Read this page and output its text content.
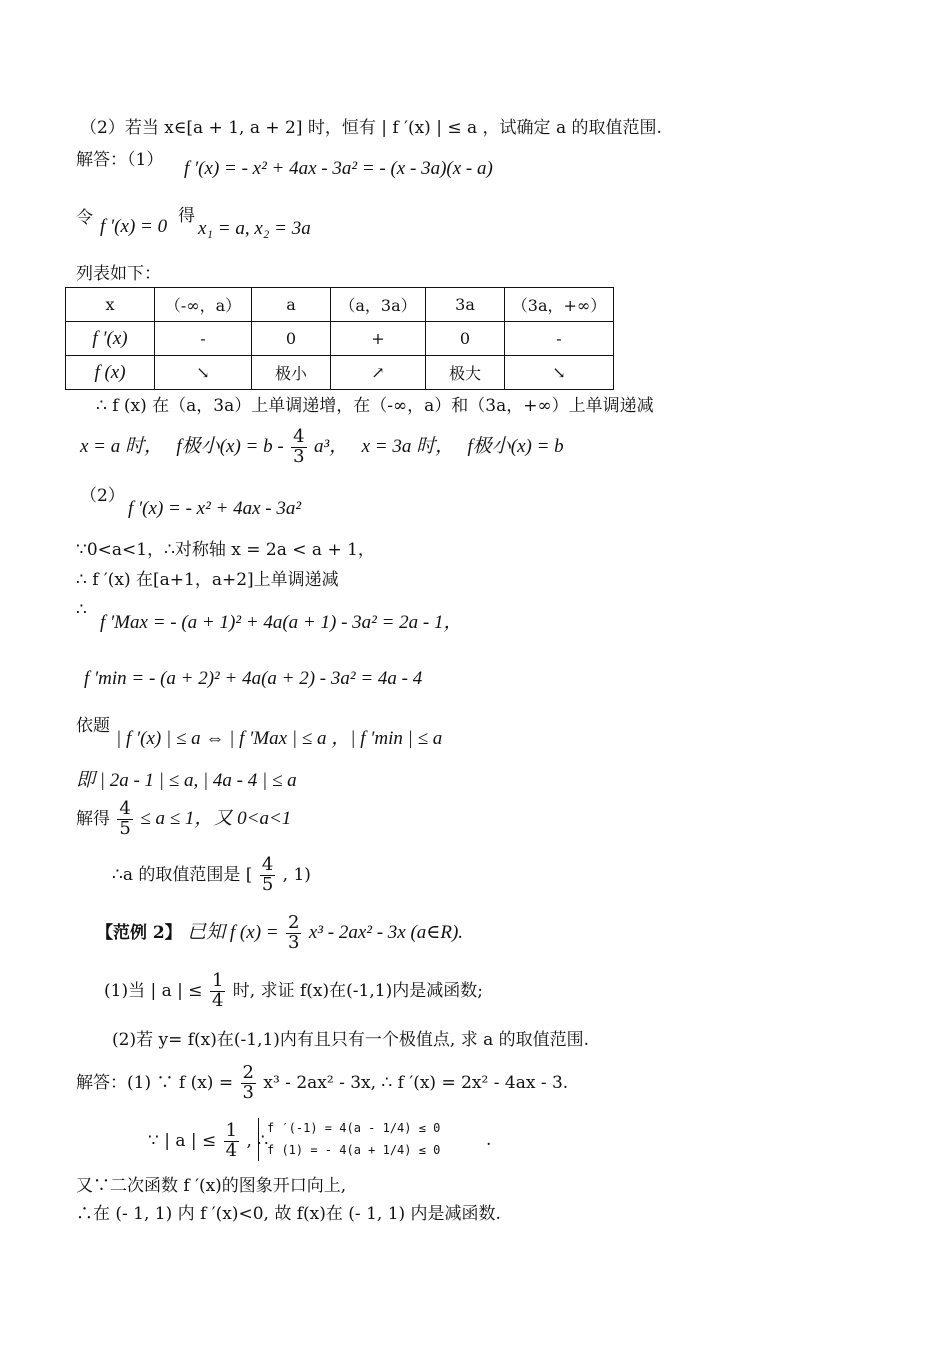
（2）若当 x∈[a + 1, a + 2] 时，恒有 | f ′(x) | ≤ a ，试确定 a 的取值范围.
解答：（1） f ′(x) = - x² + 4ax - 3a² = - (x - 3a)(x - a)
令 f ′(x) = 0 得
x₁ = a, x₂ = 3a
列表如下：
x	（-∞，a）	a	（a，3a）	3a	（3a，+∞）
f ′(x)	-	0	+	0	-
f (x)	↘	极小	↗	极大	↘
∴ f (x) 在（a，3a）上单调递增，在（-∞，a）和（3a，+∞）上单调递减
x = a 时， f极小$(x) = b - \frac{4}{3} a^3$， x = 3a 时， f极小(x) = b
（2）
f ′(x) = - x² + 4ax - 3a²
∵0<a<1，∴对称轴 x = 2a < a + 1，
∴ f ′(x) 在[a+1，a+2]上单调递减
∴
f ′Max = - (a + 1)² + 4a(a + 1) - 3a² = 2a - 1，
f ′min = - (a + 2)² + 4a(a + 2) - 3a² = 4a - 4
依题
| f ′(x) | ≤ a ⇔ | f ′Max | ≤ a ，| f ′min | ≤ a
即 | 2a - 1 | ≤ a, | 4a - 4 | ≤ a
解得 $\frac{4}{5} \le a \le 1$，又 0<a<1
∴a 的取值范围是 [ $\frac{4}{5}$ , 1)
【范例 2】 已知 f $(x) = \frac{2}{3} x^3 - 2ax^2 - 3x$ (a∈R).
(1)当 | a | ≤ $\frac{1}{4}$ 时, 求证 f(x)在(-1,1)内是减函数;
(2)若 y= f(x)在(-1,1)内有且只有一个极值点, 求 a 的取值范围.
解答：(1) ∵ f $(x) = \frac{2}{3} x^3 - 2ax^2 - 3x$, ∴ f ′(x) = 2x² - 4ax - 3.
∵ | a | ≤ $\frac{1}{4}$ , ∴
f ′(-1) = 4(a - 1/4) ≤ 0
f (1) = - 4(a + 1/4) ≤ 0	.
又∵二次函数 f ′(x)的图象开口向上,
∴在 (- 1, 1) 内 f ′(x)<0, 故 f(x)在 (- 1, 1) 内是减函数.
